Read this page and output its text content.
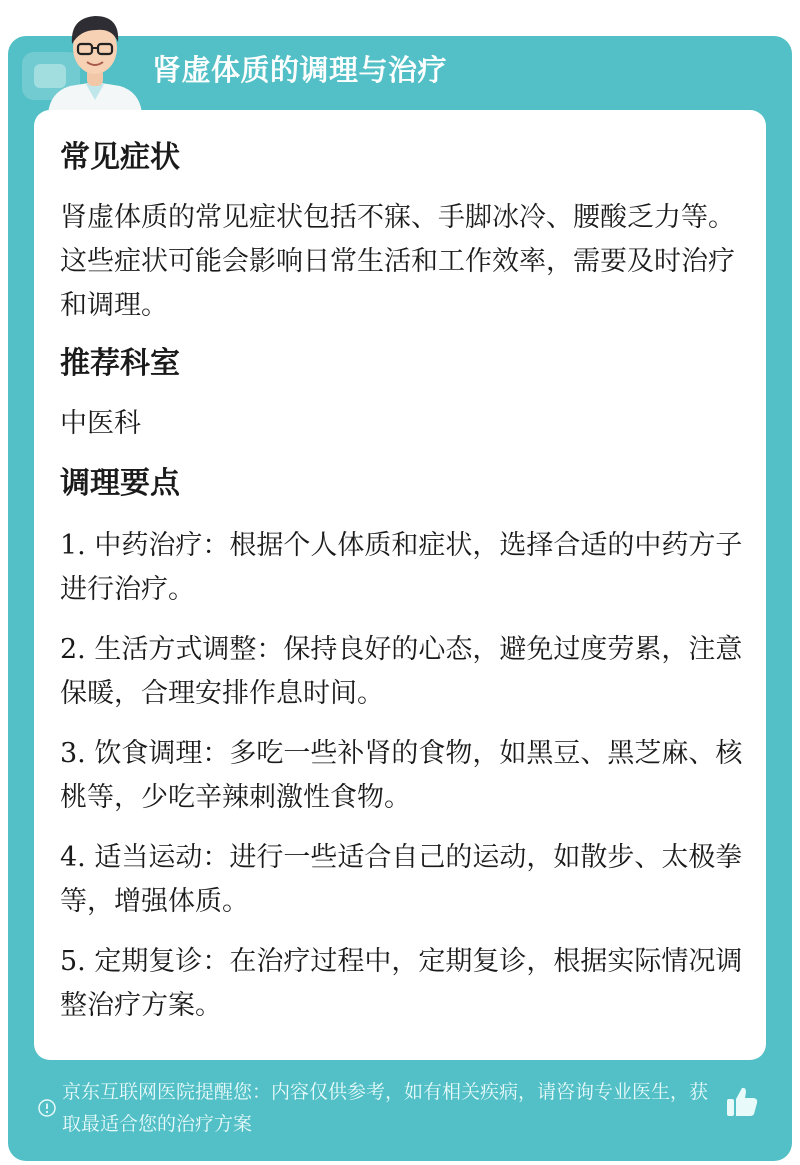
肾虚体质的调理与治疗
常见症状

肾虚体质的常见症状包括不寐、手脚冰冷、腰酸乏力等。这些症状可能会影响日常生活和工作效率，需要及时治疗和调理。

推荐科室

中医科

调理要点
1. 中药治疗：根据个人体质和症状，选择合适的中药方子进行治疗。
2. 生活方式调整：保持良好的心态，避免过度劳累，注意保暖，合理安排作息时间。
3. 饮食调理：多吃一些补肾的食物，如黑豆、黑芝麻、核桃等，少吃辛辣刺激性食物。
4. 适当运动：进行一些适合自己的运动，如散步、太极拳等，增强体质。
5. 定期复诊：在治疗过程中，定期复诊，根据实际情况调整治疗方案。
京东互联网医院提醒您：内容仅供参考，如有相关疾病，请咨询专业医生，获取最适合您的治疗方案
